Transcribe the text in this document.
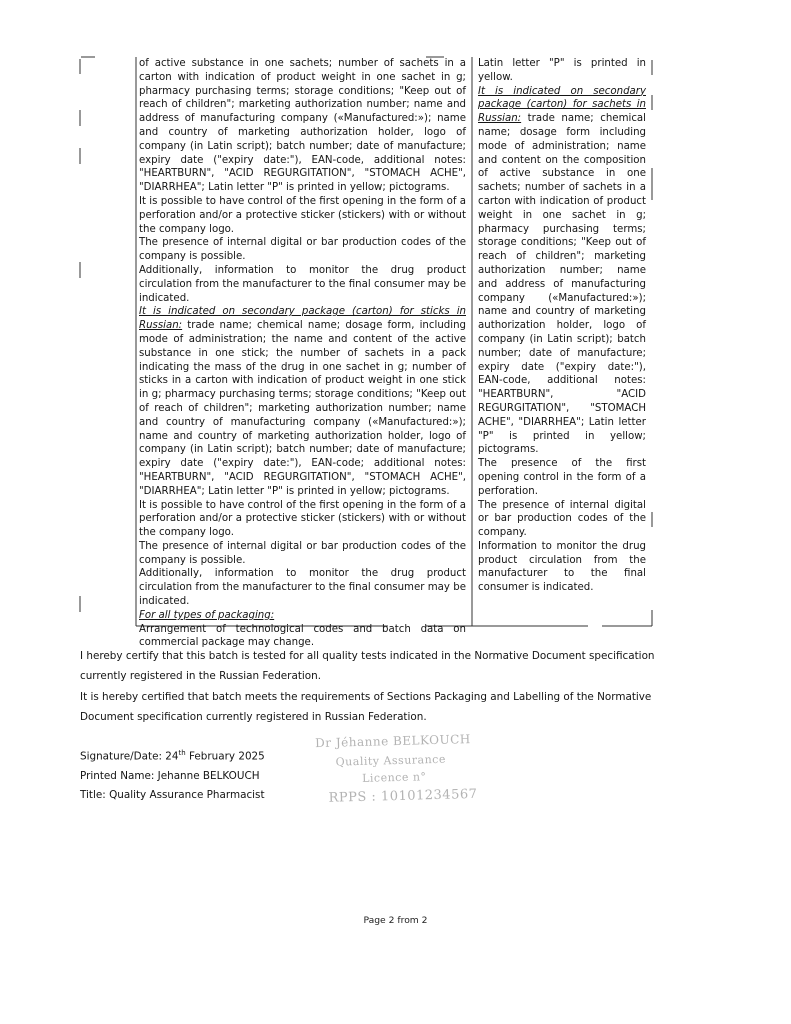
of active substance in one sachets; number of sachets in a carton with indication of product weight in one sachet in g; pharmacy purchasing terms; storage conditions; "Keep out of reach of children"; marketing authorization number; name and address of manufacturing company («Manufactured:»); name and country of marketing authorization holder, logo of company (in Latin script); batch number; date of manufacture; expiry date ("expiry date:"), EAN-code, additional notes: "HEARTBURN", "ACID REGURGITATION", "STOMACH ACHE", "DIARRHEA"; Latin letter "P" is printed in yellow; pictograms.

It is possible to have control of the first opening in the form of a perforation and/or a protective sticker (stickers) with or without the company logo.

The presence of internal digital or bar production codes of the company is possible.

Additionally, information to monitor the drug product circulation from the manufacturer to the final consumer may be indicated.

It is indicated on secondary package (carton) for sticks in Russian: trade name; chemical name; dosage form, including mode of administration; the name and content of the active substance in one stick; the number of sachets in a pack indicating the mass of the drug in one sachet in g; number of sticks in a carton with indication of product weight in one stick in g; pharmacy purchasing terms; storage conditions; "Keep out of reach of children"; marketing authorization number; name and country of manufacturing company («Manufactured:»); name and country of marketing authorization holder, logo of company (in Latin script); batch number; date of manufacture; expiry date ("expiry date:"), EAN-code; additional notes: "HEARTBURN", "ACID REGURGITATION", "STOMACH ACHE", "DIARRHEA"; Latin letter "P" is printed in yellow; pictograms.

It is possible to have control of the first opening in the form of a perforation and/or a protective sticker (stickers) with or without the company logo.

The presence of internal digital or bar production codes of the company is possible.

Additionally, information to monitor the drug product circulation from the manufacturer to the final consumer may be indicated.

For all types of packaging:

Arrangement of technological codes and batch data on commercial package may change.

Latin letter "P" is printed in yellow.

It is indicated on secondary package (carton) for sachets in Russian: trade name; chemical name; dosage form including mode of administration; name and content on the composition of active substance in one sachets; number of sachets in a carton with indication of product weight in one sachet in g; pharmacy purchasing terms; storage conditions; "Keep out of reach of children"; marketing authorization number; name and address of manufacturing company («Manufactured:»); name and country of marketing authorization holder, logo of company (in Latin script); batch number; date of manufacture; expiry date ("expiry date:"), EAN-code, additional notes: "HEARTBURN", "ACID REGURGITATION", "STOMACH ACHE", "DIARRHEA"; Latin letter "P" is printed in yellow; pictograms.

The presence of the first opening control in the form of a perforation.

The presence of internal digital or bar production codes of the company.

Information to monitor the drug product circulation from the manufacturer to the final consumer is indicated.

I hereby certify that this batch is tested for all quality tests indicated in the Normative Document specification currently registered in the Russian Federation.

It is hereby certified that batch meets the requirements of Sections Packaging and Labelling of the Normative Document specification currently registered in Russian Federation.

Signature/Date: 24th February 2025

Printed Name: Jehanne BELKOUCH

Title: Quality Assurance Pharmacist

Dr Jéhanne BELKOUCH
Quality Assurance
Licence n°
RPPS : 10101234567
Page 2 from 2
